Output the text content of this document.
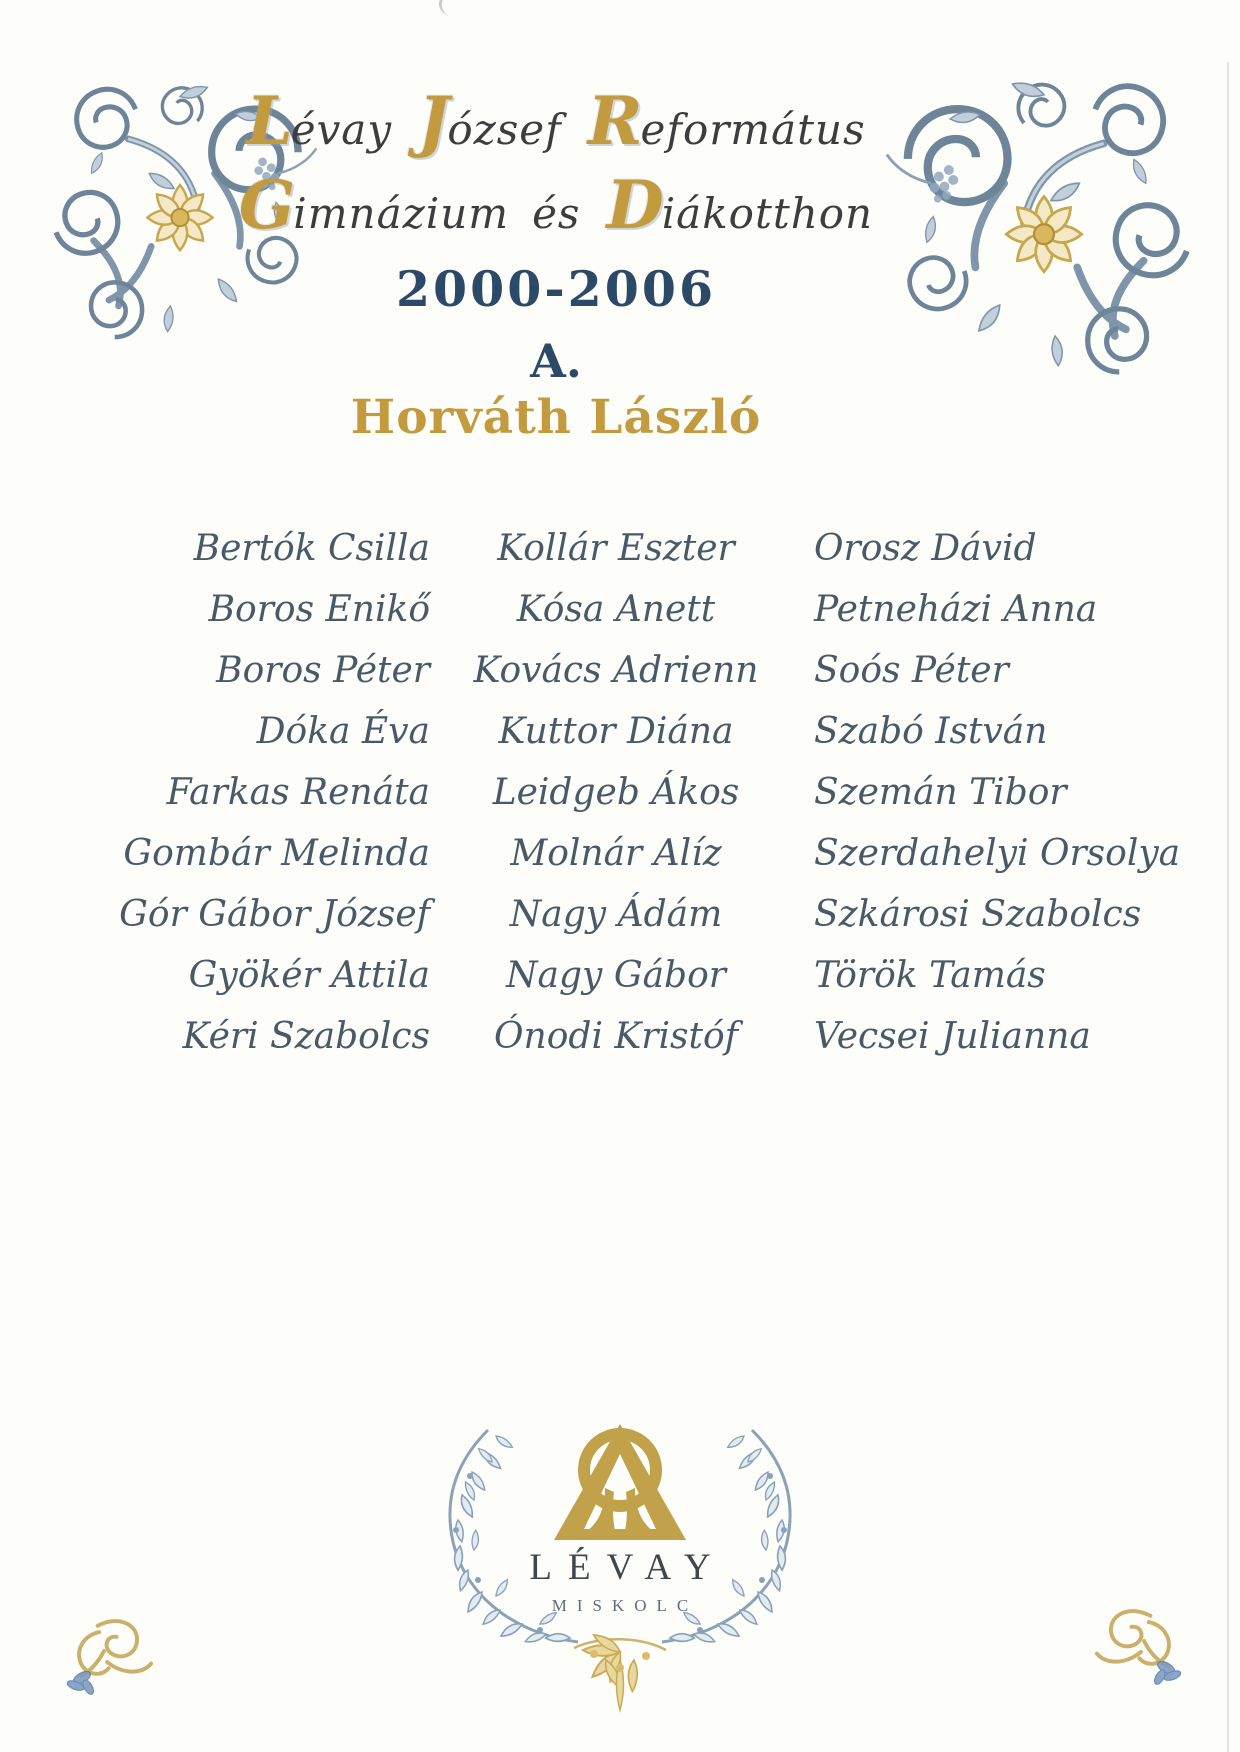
Lévay József Református
Gimnázium és Diákotthon
2000-2006
A.
Horváth László
Bertók Csilla	Kollár Eszter	Orosz Dávid
Boros Enikő	Kósa Anett	Petneházi Anna
Boros Péter	Kovács Adrienn	Soós Péter
Dóka Éva	Kuttor Diána	Szabó István
Farkas Renáta	Leidgeb Ákos	Szemán Tibor
Gombár Melinda	Molnár Alíz	Szerdahelyi Orsolya
Gór Gábor József	Nagy Ádám	Szkárosi Szabolcs
Gyökér Attila	Nagy Gábor	Török Tamás
Kéri Szabolcs	Ónodi Kristóf	Vecsei Julianna
LÉVAY
MISKOLC
